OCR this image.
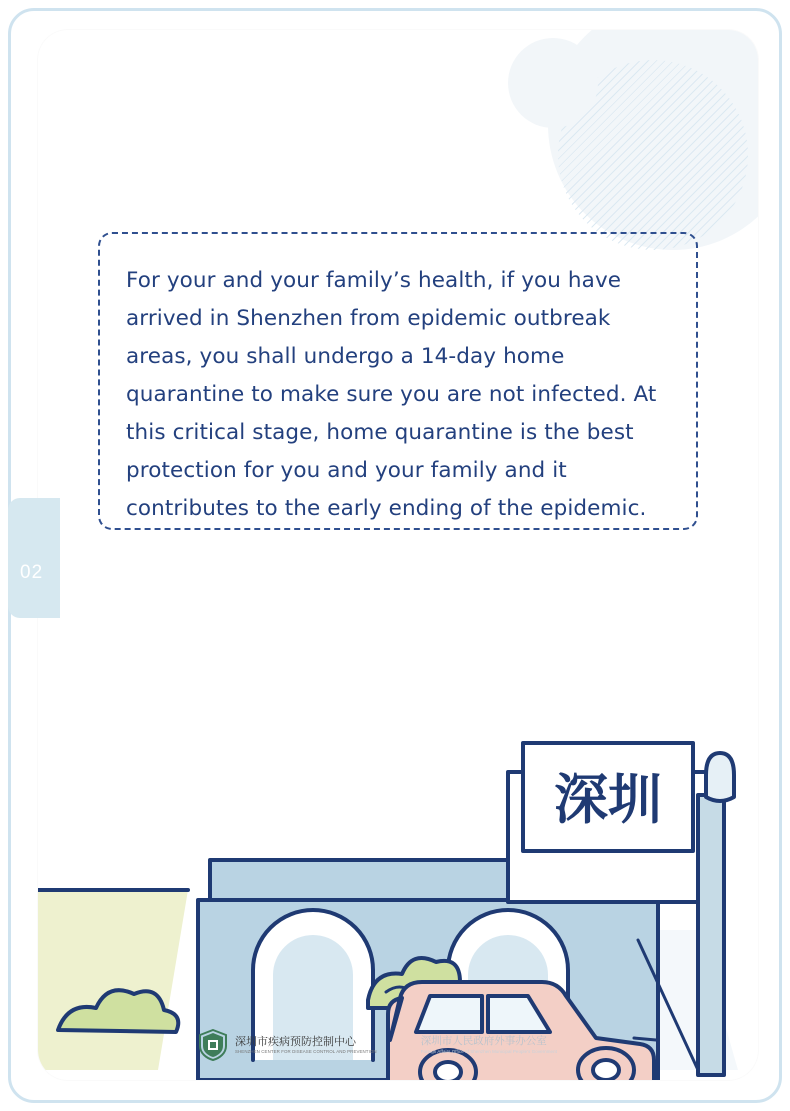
深圳
深圳市疾病预防控制中心
SHENZHEN CENTER FOR DISEASE CONTROL AND PREVENTION
深圳市人民政府外事办公室
Foreign Affairs Office of Shenzhen Municipal People’s Government

For your and your family’s health, if you have arrived in Shenzhen from epidemic outbreak areas, you shall undergo a 14-day home quarantine to make sure you are not infected. At this critical stage, home quarantine is the best protection for you and your family and it contributes to the early ending of the epidemic.

02
